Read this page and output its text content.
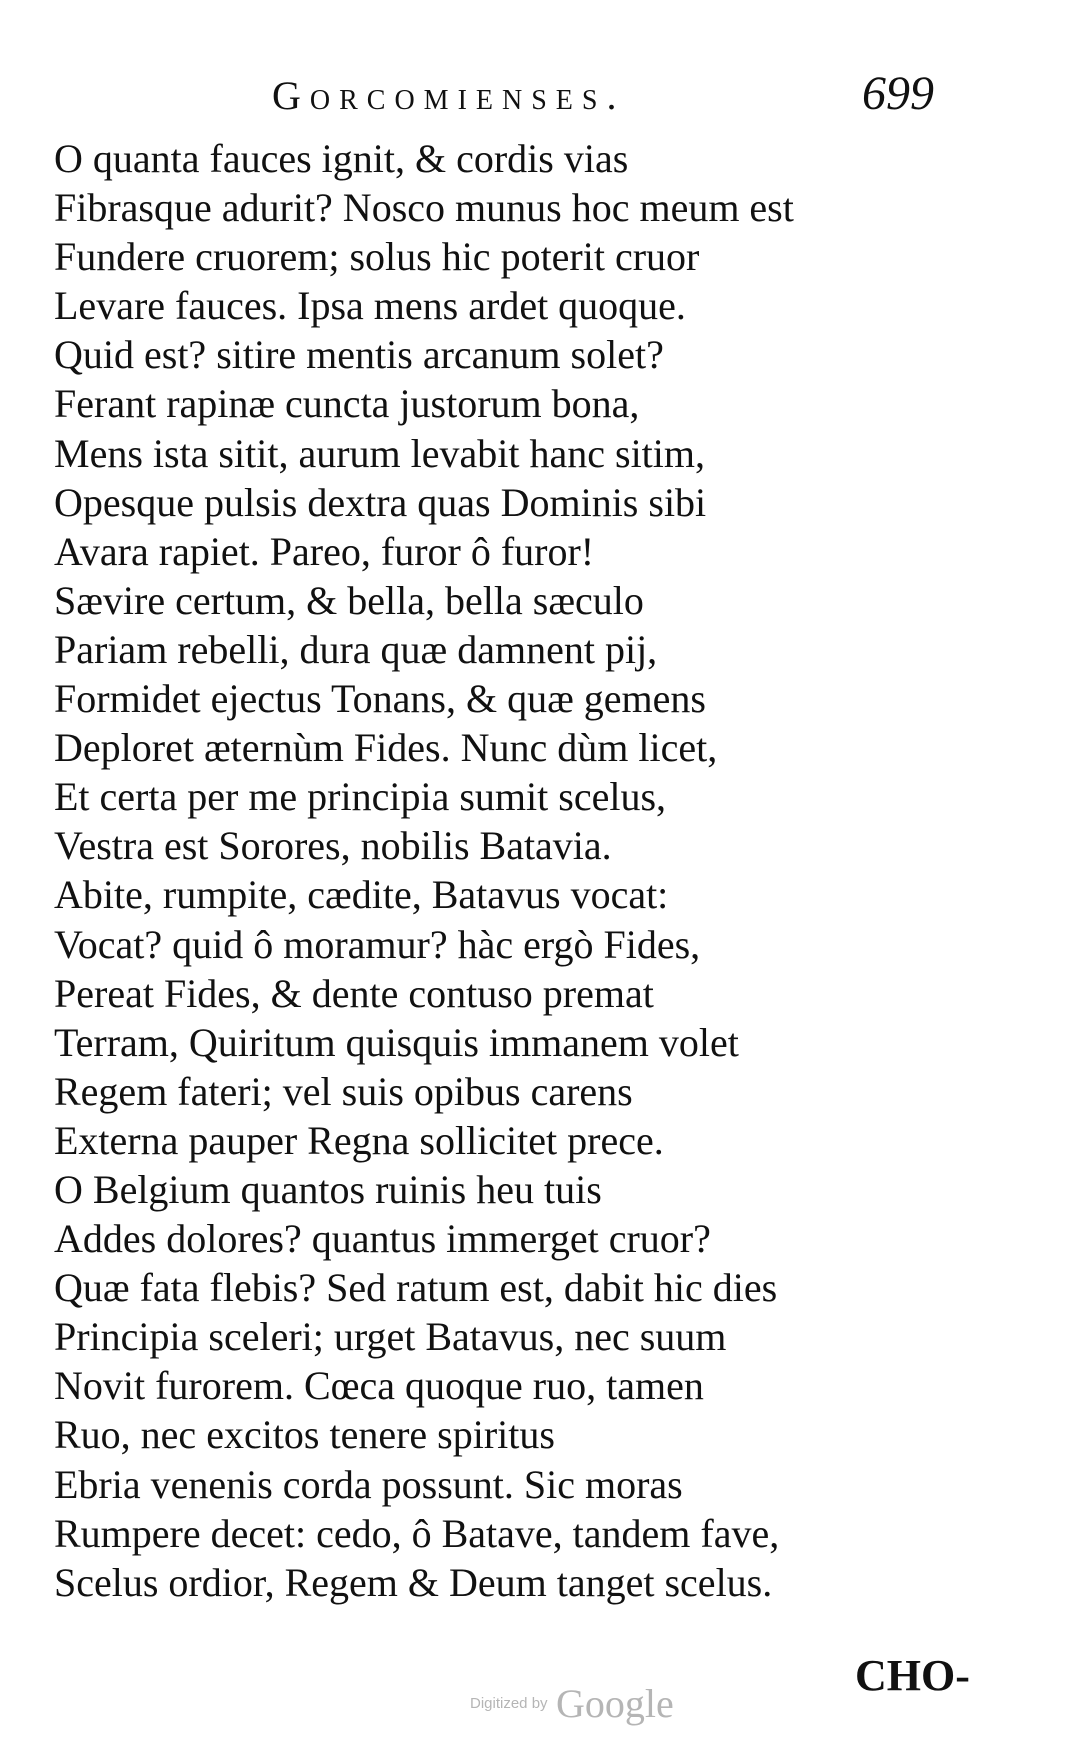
Gorcomienses.	699
O quanta fauces ignit, & cordis vias
Fibrasque adurit? Nosco munus hoc meum est
Fundere cruorem; solus hic poterit cruor
Levare fauces. Ipsa mens ardet quoque.
Quid est? sitire mentis arcanum solet?
Ferant rapinæ cuncta justorum bona,
Mens ista sitit, aurum levabit hanc sitim,
Opesque pulsis dextra quas Dominis sibi
Avara rapiet. Pareo, furor ô furor!
Sævire certum, & bella, bella sæculo
Pariam rebelli, dura quæ damnent pij,
Formidet ejectus Tonans, & quæ gemens
Deploret æternùm Fides. Nunc dùm licet,
Et certa per me principia sumit scelus,
Vestra est Sorores, nobilis Batavia.
Abite, rumpite, cædite, Batavus vocat:
Vocat? quid ô moramur? hàc ergò Fides,
Pereat Fides, & dente contuso premat
Terram, Quiritum quisquis immanem volet
Regem fateri; vel suis opibus carens
Externa pauper Regna sollicitet prece.
O Belgium quantos ruinis heu tuis
Addes dolores? quantus immerget cruor?
Quæ fata flebis? Sed ratum est, dabit hic dies
Principia sceleri; urget Batavus, nec suum
Novit furorem. Cœca quoque ruo, tamen
Ruo, nec excitos tenere spiritus
Ebria venenis corda possunt. Sic moras
Rumpere decet: cedo, ô Batave, tandem fave,
Scelus ordior, Regem & Deum tanget scelus.
CHO-
Digitized by Google
